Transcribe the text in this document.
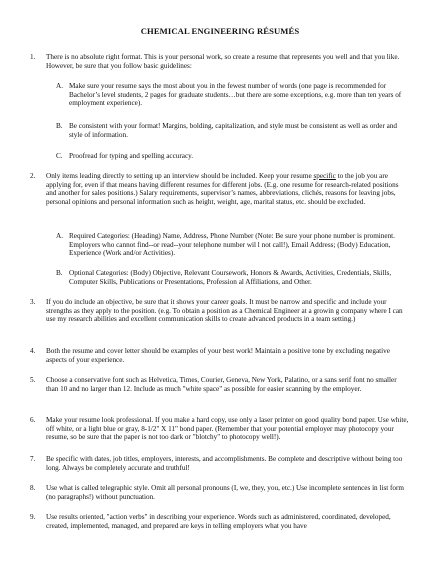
CHEMICAL ENGINEERING RÉSUMÉS
1. There is no absolute right format. This is your personal work, so create a resume that represents you well and that you like. However, be sure that you follow basic guidelines:
A. Make sure your resume says the most about you in the fewest number of words (one page is recommended for Bachelor’s level students, 2 pages for graduate students…but there are some exceptions, e.g. more than ten years of employment experience).
B. Be consistent with your format! Margins, bolding, capitalization, and style must be consistent as well as order and style of information.
C. Proofread for typing and spelling accuracy.
2. Only items leading directly to setting up an interview should be included. Keep your resume specific to the job you are applying for, even if that means having different resumes for different jobs. (E.g. one resume for research-related positions and another for sales positions.) Salary requirements, supervisor’s names, abbreviations, clichés, reasons for leaving jobs, personal opinions and personal information such as height, weight, age, marital status, etc. should be excluded.
A. Required Categories: (Heading) Name, Address, Phone Number (Note: Be sure your phone number is prominent. Employers who cannot find--or read--your telephone number wil l not call!), Email Address; (Body) Education, Experience (Work and/or Activities).
B. Optional Categories: (Body) Objective, Relevant Coursework, Honors & Awards, Activities, Credentials, Skills, Computer Skills, Publications or Presentations, Profession al Affiliations, and Other.
3. If you do include an objective, be sure that it shows your career goals. It must be narrow and specific and include your strengths as they apply to the position. (e.g. To obtain a position as a Chemical Engineer at a growin g company where I can use my research abilities and excellent communication skills to create advanced products in a team setting.)
4. Both the resume and cover letter should be examples of your best work! Maintain a positive tone by excluding negative aspects of your experience.
5. Choose a conservative font such as Helvetica, Times, Courier, Geneva, New York, Palatino, or a sans serif font no smaller than 10 and no larger than 12. Include as much "white space" as possible for easier scanning by the employer.
6. Make your resume look professional. If you make a hard copy, use only a laser printer on good quality bond paper. Use white, off white, or a light blue or gray, 8-1/2" X 11" bond paper. (Remember that your potential employer may photocopy your resume, so be sure that the paper is not too dark or "blotchy" to photocopy well!).
7. Be specific with dates, job titles, employers, interests, and accomplishments. Be complete and descriptive without being too long. Always be completely accurate and truthful!
8. Use what is called telegraphic style. Omit all personal pronouns (I, we, they, you, etc.) Use incomplete sentences in list form (no paragraphs!) without punctuation.
9. Use results oriented, "action verbs" in describing your experience. Words such as administered, coordinated, developed, created, implemented, managed, and prepared are keys in telling employers what you have
